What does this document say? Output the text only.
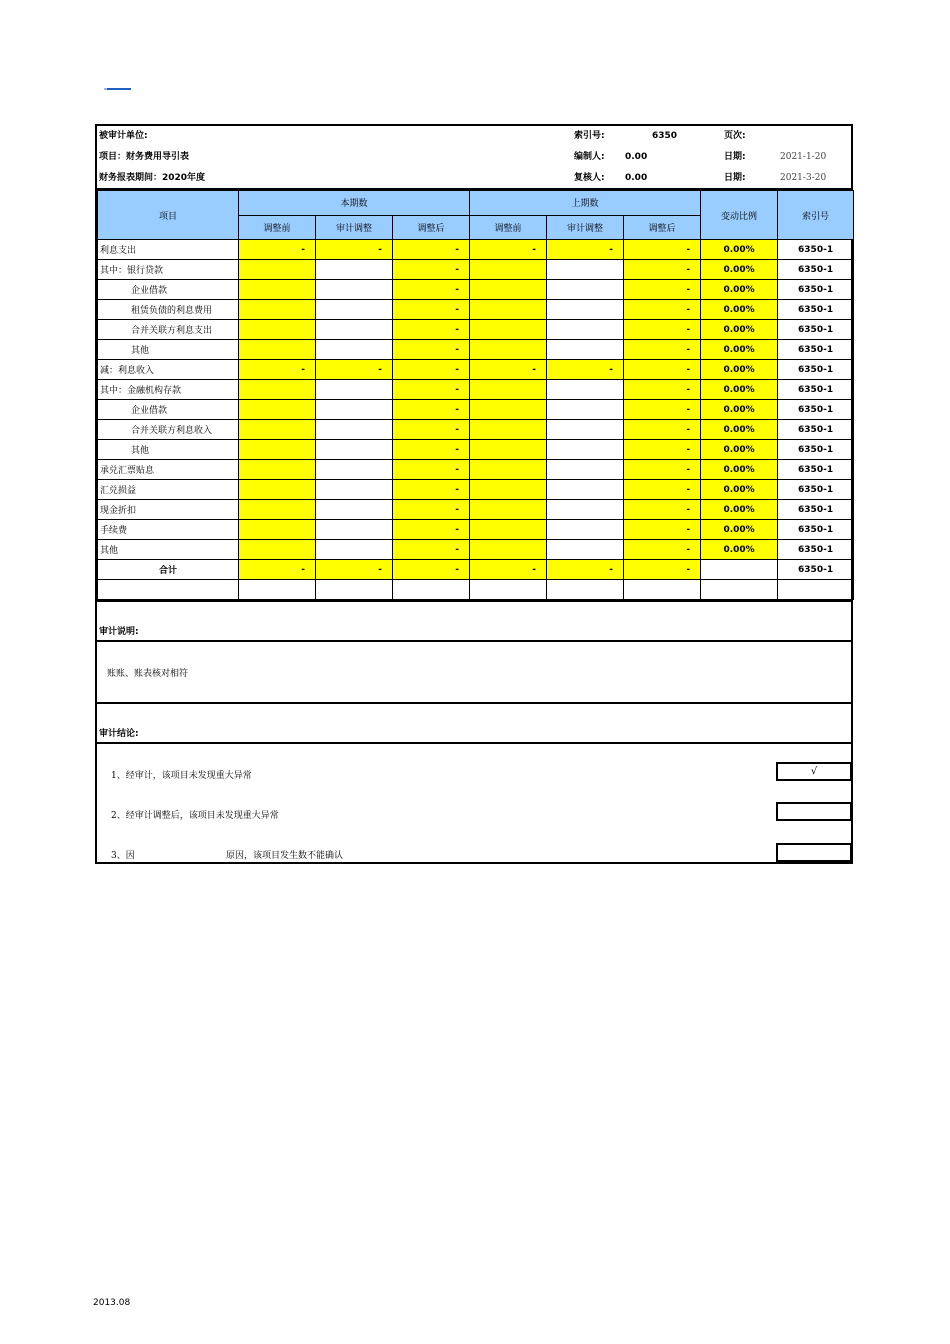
被审计单位:	索引号:	6350	页次:
项目：财务费用导引表	编制人: 0.00	日期:	2021-1-20
财务报表期间：2020年度	复核人: 0.00	日期:	2021-3-20
项目	本期数			上期数			变动比例	索引号
	调整前	审计调整	调整后	调整前	审计调整	调整后		
利息支出	-	-	-	-	-	-	0.00%	6350-1
其中：银行贷款			-			-	0.00%	6350-1
企业借款			-			-	0.00%	6350-1
租赁负债的利息费用			-			-	0.00%	6350-1
合并关联方利息支出			-			-	0.00%	6350-1
其他			-			-	0.00%	6350-1
减：利息收入	-	-	-	-	-	-	0.00%	6350-1
其中：金融机构存款			-			-	0.00%	6350-1
企业借款			-			-	0.00%	6350-1
合并关联方利息收入			-			-	0.00%	6350-1
其他			-			-	0.00%	6350-1
承兑汇票贴息			-			-	0.00%	6350-1
汇兑损益			-			-	0.00%	6350-1
现金折扣			-			-	0.00%	6350-1
手续费			-			-	0.00%	6350-1
其他			-			-	0.00%	6350-1
合计	-	-	-	-	-	-		6350-1

审计说明:
账账、账表核对相符
审计结论:
1、经审计，该项目未发现重大异常	√
2、经审计调整后，该项目未发现重大异常
3、因	原因，该项目发生数不能确认
2013.08
